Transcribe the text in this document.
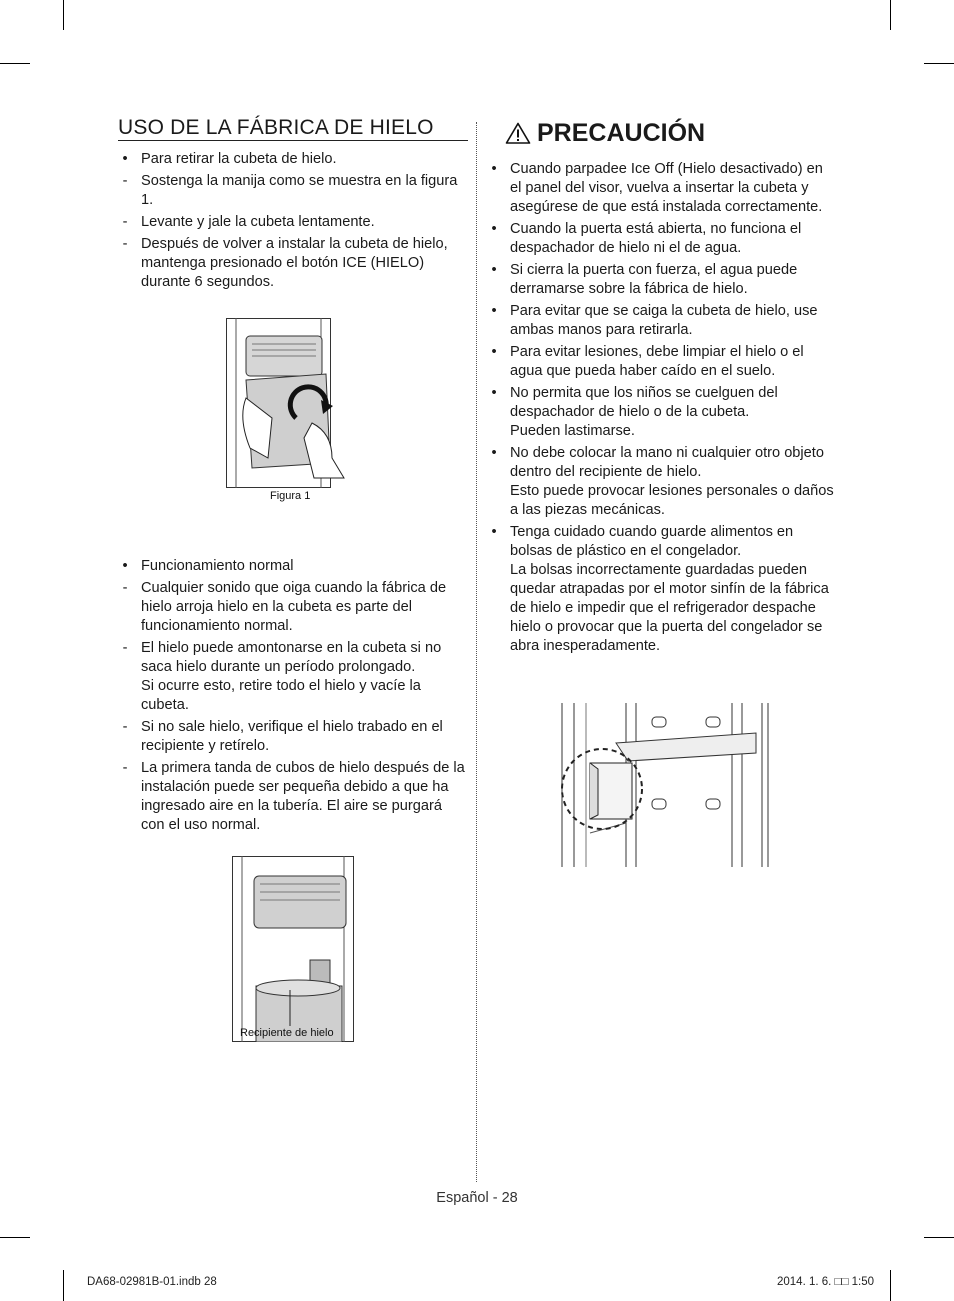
USO DE LA FÁBRICA DE HIELO
• Para retirar la cubeta de hielo.
- Sostenga la manija como se muestra en la figura 1.
- Levante y jale la cubeta lentamente.
- Después de volver a instalar la cubeta de hielo, mantenga presionado el botón ICE (HIELO) durante 6 segundos.
• Funcionamiento normal
- Cualquier sonido que oiga cuando la fábrica de hielo arroja hielo en la cubeta es parte del funcionamiento normal.
- El hielo puede amontonarse en la cubeta si no saca hielo durante un período prolongado.
Si ocurre esto, retire todo el hielo y vacíe la cubeta.
- Si no sale hielo, verifique el hielo trabado en el recipiente y retírelo.
- La primera tanda de cubos de hielo después de la instalación puede ser pequeña debido a que ha ingresado aire en la tubería. El aire se purgará con el uso normal.
Figura 1
Recipiente de hielo
PRECAUCIÓN
• Cuando parpadee Ice Off (Hielo desactivado) en el panel del visor, vuelva a insertar la cubeta y asegúrese de que está instalada correctamente.
• Cuando la puerta está abierta, no funciona el despachador de hielo ni el de agua.
• Si cierra la puerta con fuerza, el agua puede derramarse sobre la fábrica de hielo.
• Para evitar que se caiga la cubeta de hielo, use ambas manos para retirarla.
• Para evitar lesiones, debe limpiar el hielo o el agua que pueda haber caído en el suelo.
• No permita que los niños se cuelguen del despachador de hielo o de la cubeta.
Pueden lastimarse.
• No debe colocar la mano ni cualquier otro objeto dentro del recipiente de hielo.
Esto puede provocar lesiones personales o daños a las piezas mecánicas.
• Tenga cuidado cuando guarde alimentos en bolsas de plástico en el congelador.
La bolsas incorrectamente guardadas pueden quedar atrapadas por el motor sinfín de la fábrica de hielo e impedir que el refrigerador despache hielo o provocar que la puerta del congelador se abra inesperadamente.
Español - 28
DA68-02981B-01.indb 28	2014. 1. 6. □□ 1:50
